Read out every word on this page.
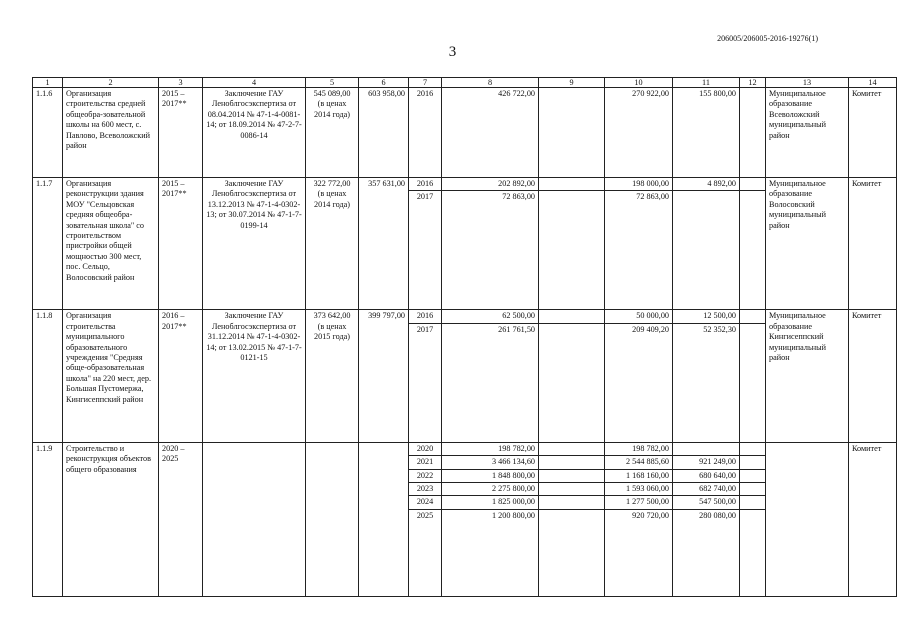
206005/206005-2016-19276(1)
3
1	2	3	4	5	6	7	8	9	10	11	12	13	14
1.1.6	Организация строительства средней общеобра-зовательной школы на 600 мест, с. Павлово, Всеволожский район	2015 – 2017**	Заключение ГАУ Леноблгосэкспертиза от 08.04.2014 № 47-1-4-0081-14; от 18.09.2014 № 47-2-7-0086-14	545 089,00
(в ценах 2014 года)	603 958,00	2016	426 722,00		270 922,00	155 800,00		Муниципальное образование Всеволожский муниципальный район	Комитет
1.1.7	Организация реконструкции здания МОУ "Сельцовская средняя общеобра-зовательная школа" со строительством пристройки общей мощностью 300 мест, пос. Сельцо, Волосовский район	2015 – 2017**	Заключение ГАУ Леноблгосэкспертиза от 13.12.2013 № 47-1-4-0302-13; от 30.07.2014 № 47-1-7-0199-14	322 772,00
(в ценах 2014 года)	357 631,00	2016	202 892,00		198 000,00	4 892,00		Муниципальное образование Волосовский муниципальный район	Комитет
						2017	72 863,00		72 863,00				
1.1.8	Организация строительства муниципального образовательного учреждения "Средняя обще-образовательная школа" на 220 мест, дер. Большая Пустомержа, Кингисеппский район	2016 – 2017**	Заключение ГАУ Леноблгосэкспертиза от 31.12.2014 № 47-1-4-0302-14; от 13.02.2015 № 47-1-7-0121-15	373 642,00
(в ценах 2015 года)	399 797,00	2016	62 500,00		50 000,00	12 500,00		Муниципальное образование Кингисеппский муниципальный район	Комитет
						2017	261 761,50		209 409,20	52 352,30			
1.1.9	Строительство и реконструкция объектов общего образования	2020 – 2025				2020	198 782,00		198 782,00				Комитет
						2021	3 466 134,60		2 544 885,60	921 249,00			
						2022	1 848 800,00		1 168 160,00	680 640,00			
						2023	2 275 800,00		1 593 060,00	682 740,00			
						2024	1 825 000,00		1 277 500,00	547 500,00			
						2025	1 200 800,00		920 720,00	280 080,00			
